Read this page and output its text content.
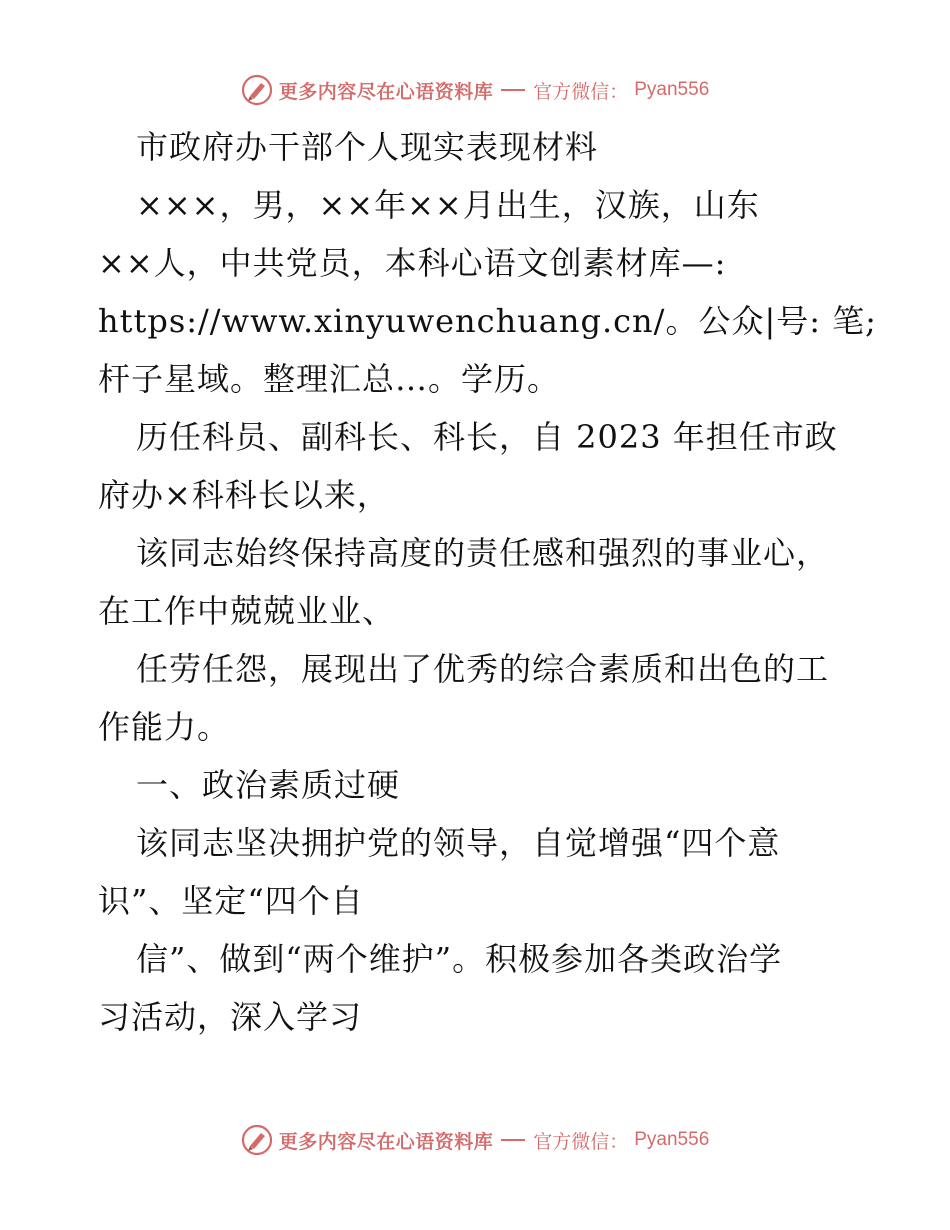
更多内容尽在心语资料库 官方微信： Pyan556
市政府办干部个人现实表现材料
×××，男，××年××月出生，汉族，山东
××人，中共党员，本科心语文创素材库—:
https://www.xinyuwenchuang.cn/。公众|号: 笔;
杆子星域。整理汇总…。学历。
历任科员、副科长、科长，自 2023 年担任市政
府办×科科长以来，
该同志始终保持高度的责任感和强烈的事业心，
在工作中兢兢业业、
任劳任怨，展现出了优秀的综合素质和出色的工
作能力。
一、政治素质过硬
该同志坚决拥护党的领导，自觉增强“四个意
识”、坚定“四个自
信”、做到“两个维护”。积极参加各类政治学
习活动，深入学习
更多内容尽在心语资料库 官方微信： Pyan556
